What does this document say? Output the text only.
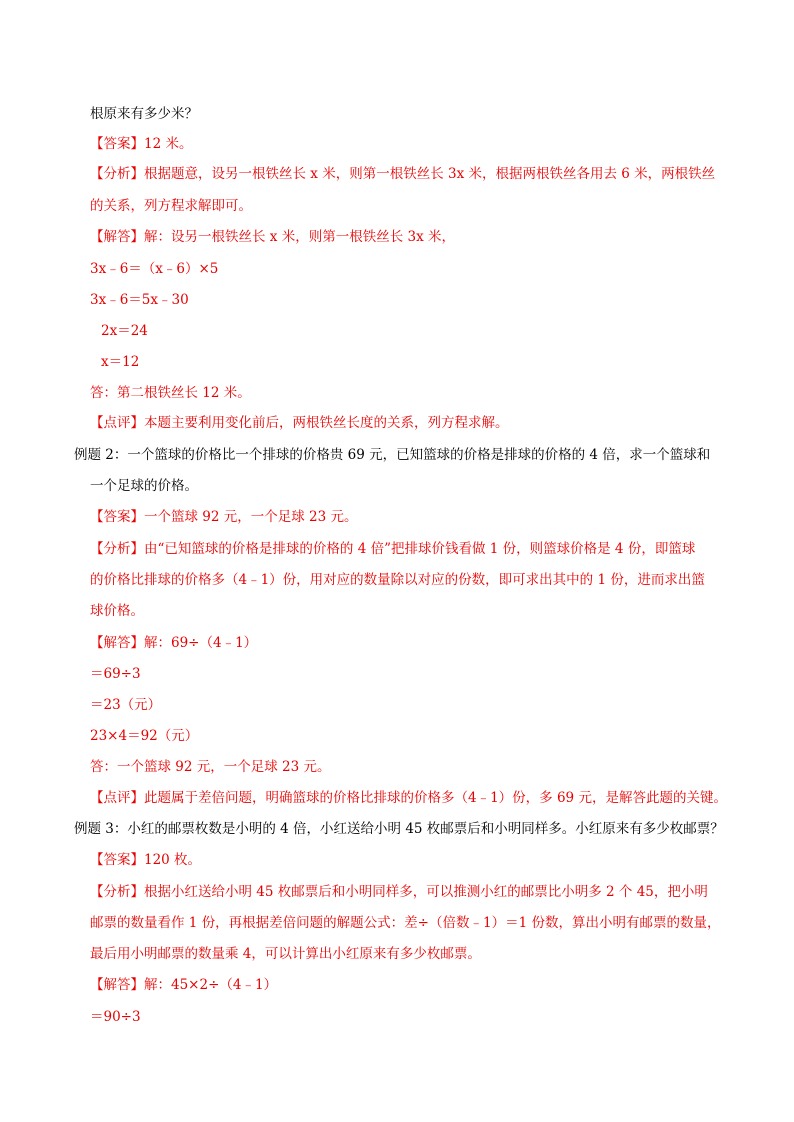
根原来有多少米？
【答案】12 米。
【分析】根据题意，设另一根铁丝长 x 米，则第一根铁丝长 3x 米，根据两根铁丝各用去 6 米，两根铁丝
的关系，列方程求解即可。
【解答】解：设另一根铁丝长 x 米，则第一根铁丝长 3x 米，
3x﹣6＝（x﹣6）×5
3x﹣6＝5x﹣30
2x＝24
x＝12
答：第二根铁丝长 12 米。
【点评】本题主要利用变化前后，两根铁丝长度的关系，列方程求解。
例题 2：一个篮球的价格比一个排球的价格贵 69 元，已知篮球的价格是排球的价格的 4 倍，求一个篮球和
一个足球的价格。
【答案】一个篮球 92 元，一个足球 23 元。
【分析】由“已知篮球的价格是排球的价格的 4 倍”把排球价钱看做 1 份，则篮球价格是 4 份，即篮球
的价格比排球的价格多（4﹣1）份，用对应的数量除以对应的份数，即可求出其中的 1 份，进而求出篮
球价格。
【解答】解：69÷（4﹣1）
＝69÷3
＝23（元）
23×4＝92（元）
答：一个篮球 92 元，一个足球 23 元。
【点评】此题属于差倍问题，明确篮球的价格比排球的价格多（4﹣1）份，多 69 元，是解答此题的关键。
例题 3：小红的邮票枚数是小明的 4 倍，小红送给小明 45 枚邮票后和小明同样多。小红原来有多少枚邮票？
【答案】120 枚。
【分析】根据小红送给小明 45 枚邮票后和小明同样多，可以推测小红的邮票比小明多 2 个 45，把小明
邮票的数量看作 1 份，再根据差倍问题的解题公式：差÷（倍数﹣1）＝1 份数，算出小明有邮票的数量，
最后用小明邮票的数量乘 4，可以计算出小红原来有多少枚邮票。
【解答】解：45×2÷（4﹣1）
＝90÷3
